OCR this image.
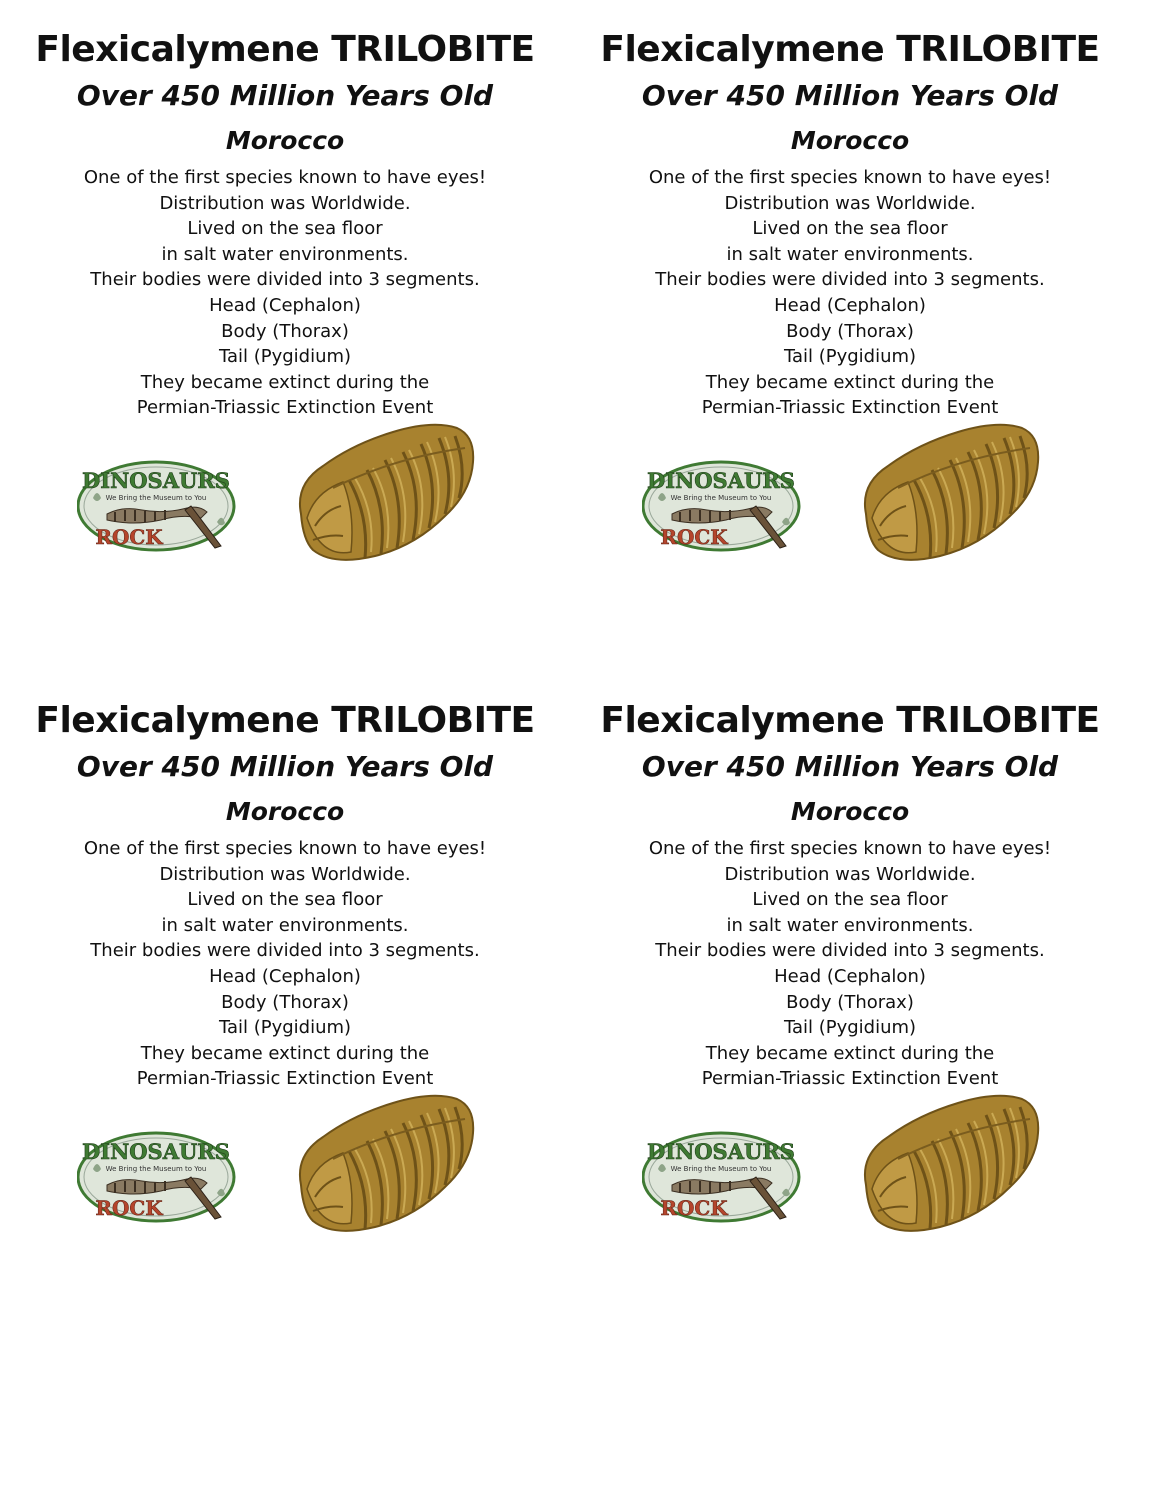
Flexicalymene TRILOBITE
Over 450 Million Years Old
Morocco
One of the first species known to have eyes!
Distribution was Worldwide.
Lived on the sea floor
in salt water environments.
Their bodies were divided into 3 segments.
Head (Cephalon)
Body (Thorax)
Tail (Pygidium)
They became extinct during the
Permian-Triassic Extinction Event
DINOSAURS
We Bring the Museum to You
ROCK
Flexicalymene TRILOBITE
Over 450 Million Years Old
Morocco
One of the first species known to have eyes!
Distribution was Worldwide.
Lived on the sea floor
in salt water environments.
Their bodies were divided into 3 segments.
Head (Cephalon)
Body (Thorax)
Tail (Pygidium)
They became extinct during the
Permian-Triassic Extinction Event
DINOSAURS
We Bring the Museum to You
ROCK
Flexicalymene TRILOBITE
Over 450 Million Years Old
Morocco
One of the first species known to have eyes!
Distribution was Worldwide.
Lived on the sea floor
in salt water environments.
Their bodies were divided into 3 segments.
Head (Cephalon)
Body (Thorax)
Tail (Pygidium)
They became extinct during the
Permian-Triassic Extinction Event
DINOSAURS
We Bring the Museum to You
ROCK
Flexicalymene TRILOBITE
Over 450 Million Years Old
Morocco
One of the first species known to have eyes!
Distribution was Worldwide.
Lived on the sea floor
in salt water environments.
Their bodies were divided into 3 segments.
Head (Cephalon)
Body (Thorax)
Tail (Pygidium)
They became extinct during the
Permian-Triassic Extinction Event
DINOSAURS
We Bring the Museum to You
ROCK
